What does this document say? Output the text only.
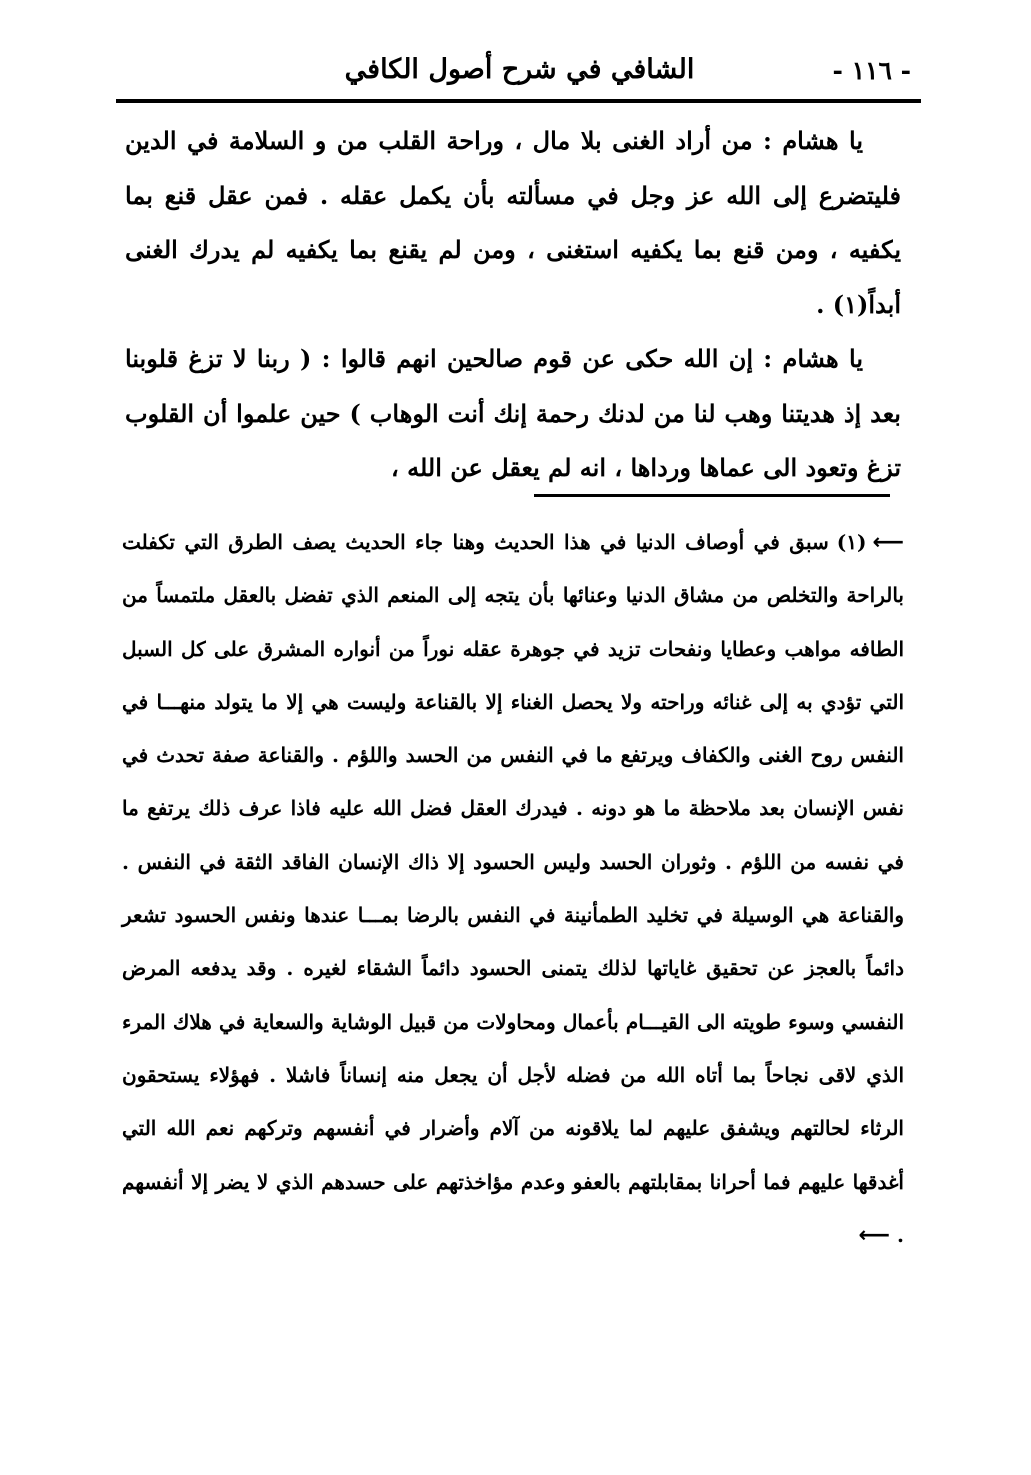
- ١١٦ -
الشافي في شرح أصول الكافي

يا هشام : من أراد الغنى بلا مال ، وراحة القلب من و السلامة في الدين فليتضرع إلى الله عز وجل في مسألته بأن يكمل عقله . فمن عقل قنع بما يكفيه ، ومن قنع بما يكفيه استغنى ، ومن لم يقنع بما يكفيه لم يدرك الغنى أبداً(١) .

يا هشام : إن الله حكى عن قوم صالحين انهم قالوا : ( ربنا لا تزغ قلوبنا بعد إذ هديتنا وهب لنا من لدنك رحمة إنك أنت الوهاب ) حين علموا أن القلوب تزغ وتعود الى عماها ورداها ، انه لم يعقل عن الله ،

⟵(١)سبق في أوصاف الدنيا في هذا الحديث وهنا جاء الحديث يصف الطرق التي تكفلت بالراحة والتخلص من مشاق الدنيا وعنائها بأن يتجه إلى المنعم الذي تفضل بالعقل ملتمساً من الطافه مواهب وعطايا ونفحات تزيد في جوهرة عقله نوراً من أنواره المشرق على كل السبل التي تؤدي به إلى غنائه وراحته ولا يحصل الغناء إلا بالقناعة وليست هي إلا ما يتولد منهـــا في النفس روح الغنى والكفاف ويرتفع ما في النفس من الحسد واللؤم . والقناعة صفة تحدث في نفس الإنسان بعد ملاحظة ما هو دونه . فيدرك العقل فضل الله عليه فاذا عرف ذلك يرتفع ما في نفسه من اللؤم . وثوران الحسد وليس الحسود إلا ذاك الإنسان الفاقد الثقة في النفس . والقناعة هي الوسيلة في تخليد الطمأنينة في النفس بالرضا بمـــا عندها ونفس الحسود تشعر دائماً بالعجز عن تحقيق غاياتها لذلك يتمنى الحسود دائماً الشقاء لغيره . وقد يدفعه المرض النفسي وسوء طويته الى القيـــام بأعمال ومحاولات من قبيل الوشاية والسعاية في هلاك المرء الذي لاقى نجاحاً بما أتاه الله من فضله لأجل أن يجعل منه إنساناً فاشلا . فهؤلاء يستحقون الرثاء لحالتهم ويشفق عليهم لما يلاقونه من آلام وأضرار في أنفسهم وتركهم نعم الله التي أغدقها عليهم فما أحرانا بمقابلتهم بالعفو وعدم مؤاخذتهم على حسدهم الذي لا يضر إلا أنفسهم . ⟵
